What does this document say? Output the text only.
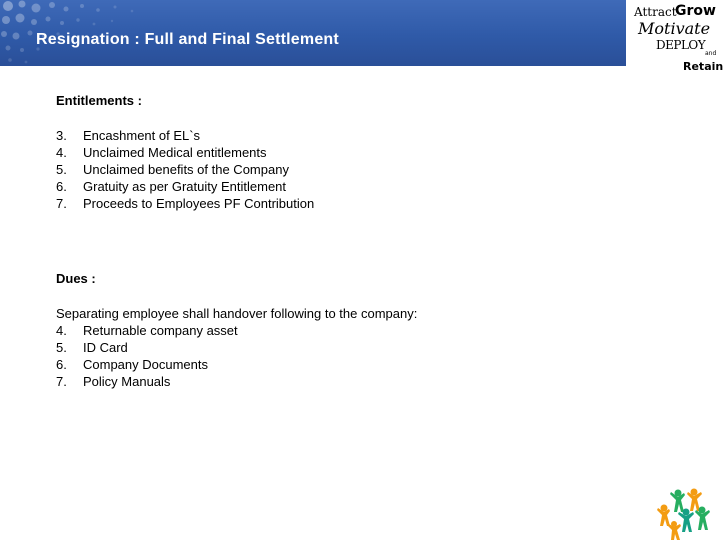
Resignation : Full and Final Settlement
Attract
Grow
Motivate
DEPLOY
and
Retain
Entitlements :
3.	Encashment of EL`s
4.	Unclaimed Medical entitlements
5.	Unclaimed benefits of the Company
6.	Gratuity as per Gratuity Entitlement
7.	Proceeds to Employees PF Contribution
Dues :

Separating employee shall handover following to the company:

4.	Returnable company asset
5.	ID Card
6.	Company Documents
7.	Policy Manuals
